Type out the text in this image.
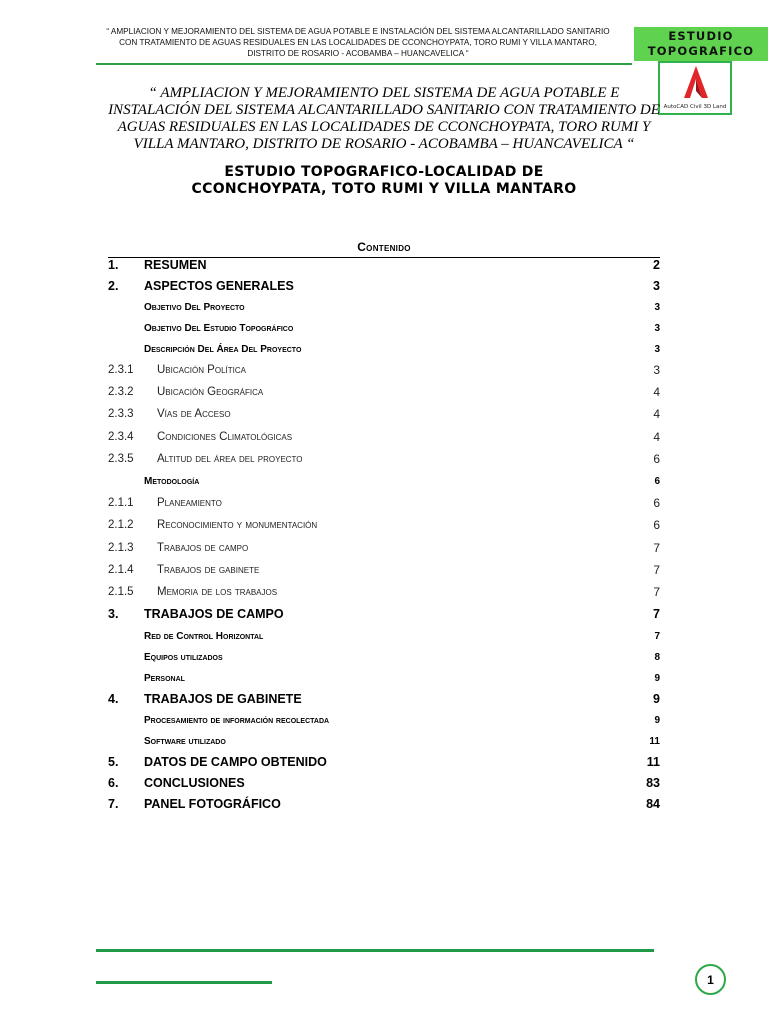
“ AMPLIACION Y MEJORAMIENTO DEL SISTEMA DE AGUA POTABLE E INSTALACIÓN DEL SISTEMA ALCANTARILLADO SANITARIO CON TRATAMIENTO DE AGUAS RESIDUALES EN LAS LOCALIDADES DE CCONCHOYPATA, TORO RUMI Y VILLA MANTARO, DISTRITO DE ROSARIO - ACOBAMBA – HUANCAVELICA “
ESTUDIO
TOPOGRAFICO
AutoCAD Civil 3D Land
“ AMPLIACION Y MEJORAMIENTO DEL SISTEMA DE AGUA POTABLE E INSTALACIÓN DEL SISTEMA ALCANTARILLADO SANITARIO CON TRATAMIENTO DE AGUAS RESIDUALES EN LAS LOCALIDADES DE CCONCHOYPATA, TORO RUMI Y VILLA MANTARO, DISTRITO DE ROSARIO - ACOBAMBA – HUANCAVELICA “
ESTUDIO TOPOGRAFICO-LOCALIDAD DE CCONCHOYPATA, TOTO RUMI Y VILLA MANTARO
Contenido
1.	RESUMEN	2
2.	ASPECTOS GENERALES	3
Objetivo Del Proyecto	3
Objetivo Del Estudio Topográfico	3
Descripción Del Área Del Proyecto	3
2.3.1	Ubicación Política	3
2.3.2	Ubicación Geográfica	4
2.3.3	Vías de Acceso	4
2.3.4	Condiciones Climatológicas	4
2.3.5	Altitud del área del proyecto	6
Metodología	6
2.1.1	Planeamiento	6
2.1.2	Reconocimiento y monumentación	6
2.1.3	Trabajos de campo	7
2.1.4	Trabajos de gabinete	7
2.1.5	Memoria de los trabajos	7
3.	TRABAJOS DE CAMPO	7
Red de Control Horizontal	7
Equipos utilizados	8
Personal	9
4.	TRABAJOS DE GABINETE	9
Procesamiento de información recolectada	9
Software utilizado	11
5.	DATOS DE CAMPO OBTENIDO	11
6.	CONCLUSIONES	83
7.	PANEL FOTOGRÁFICO	84
1
